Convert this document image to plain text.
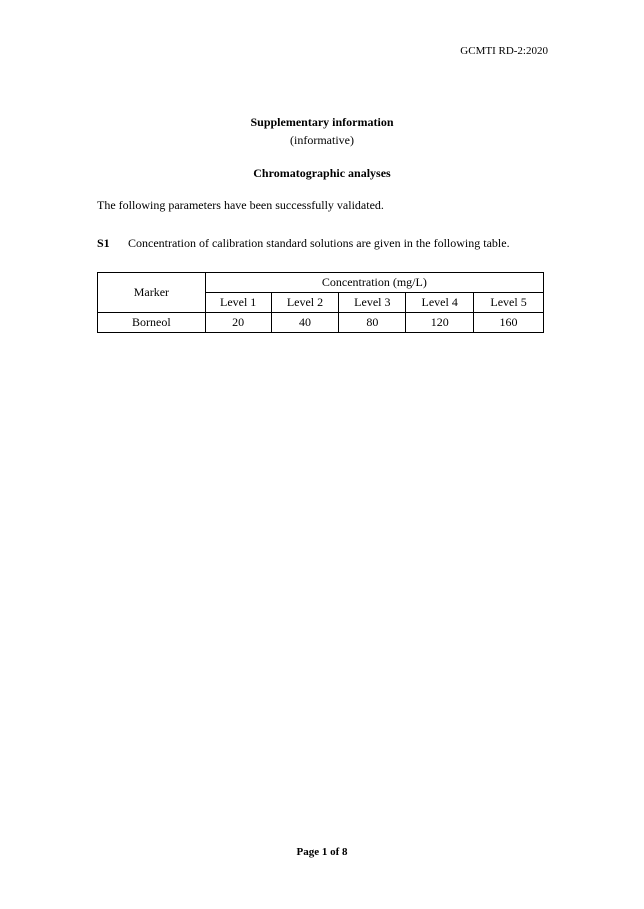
GCMTI RD-2:2020
Supplementary information
(informative)
Chromatographic analyses
The following parameters have been successfully validated.
S1 Concentration of calibration standard solutions are given in the following table.
Marker	Concentration (mg/L)				
	Level 1	Level 2	Level 3	Level 4	Level 5
Borneol	20	40	80	120	160
Page 1 of 8
